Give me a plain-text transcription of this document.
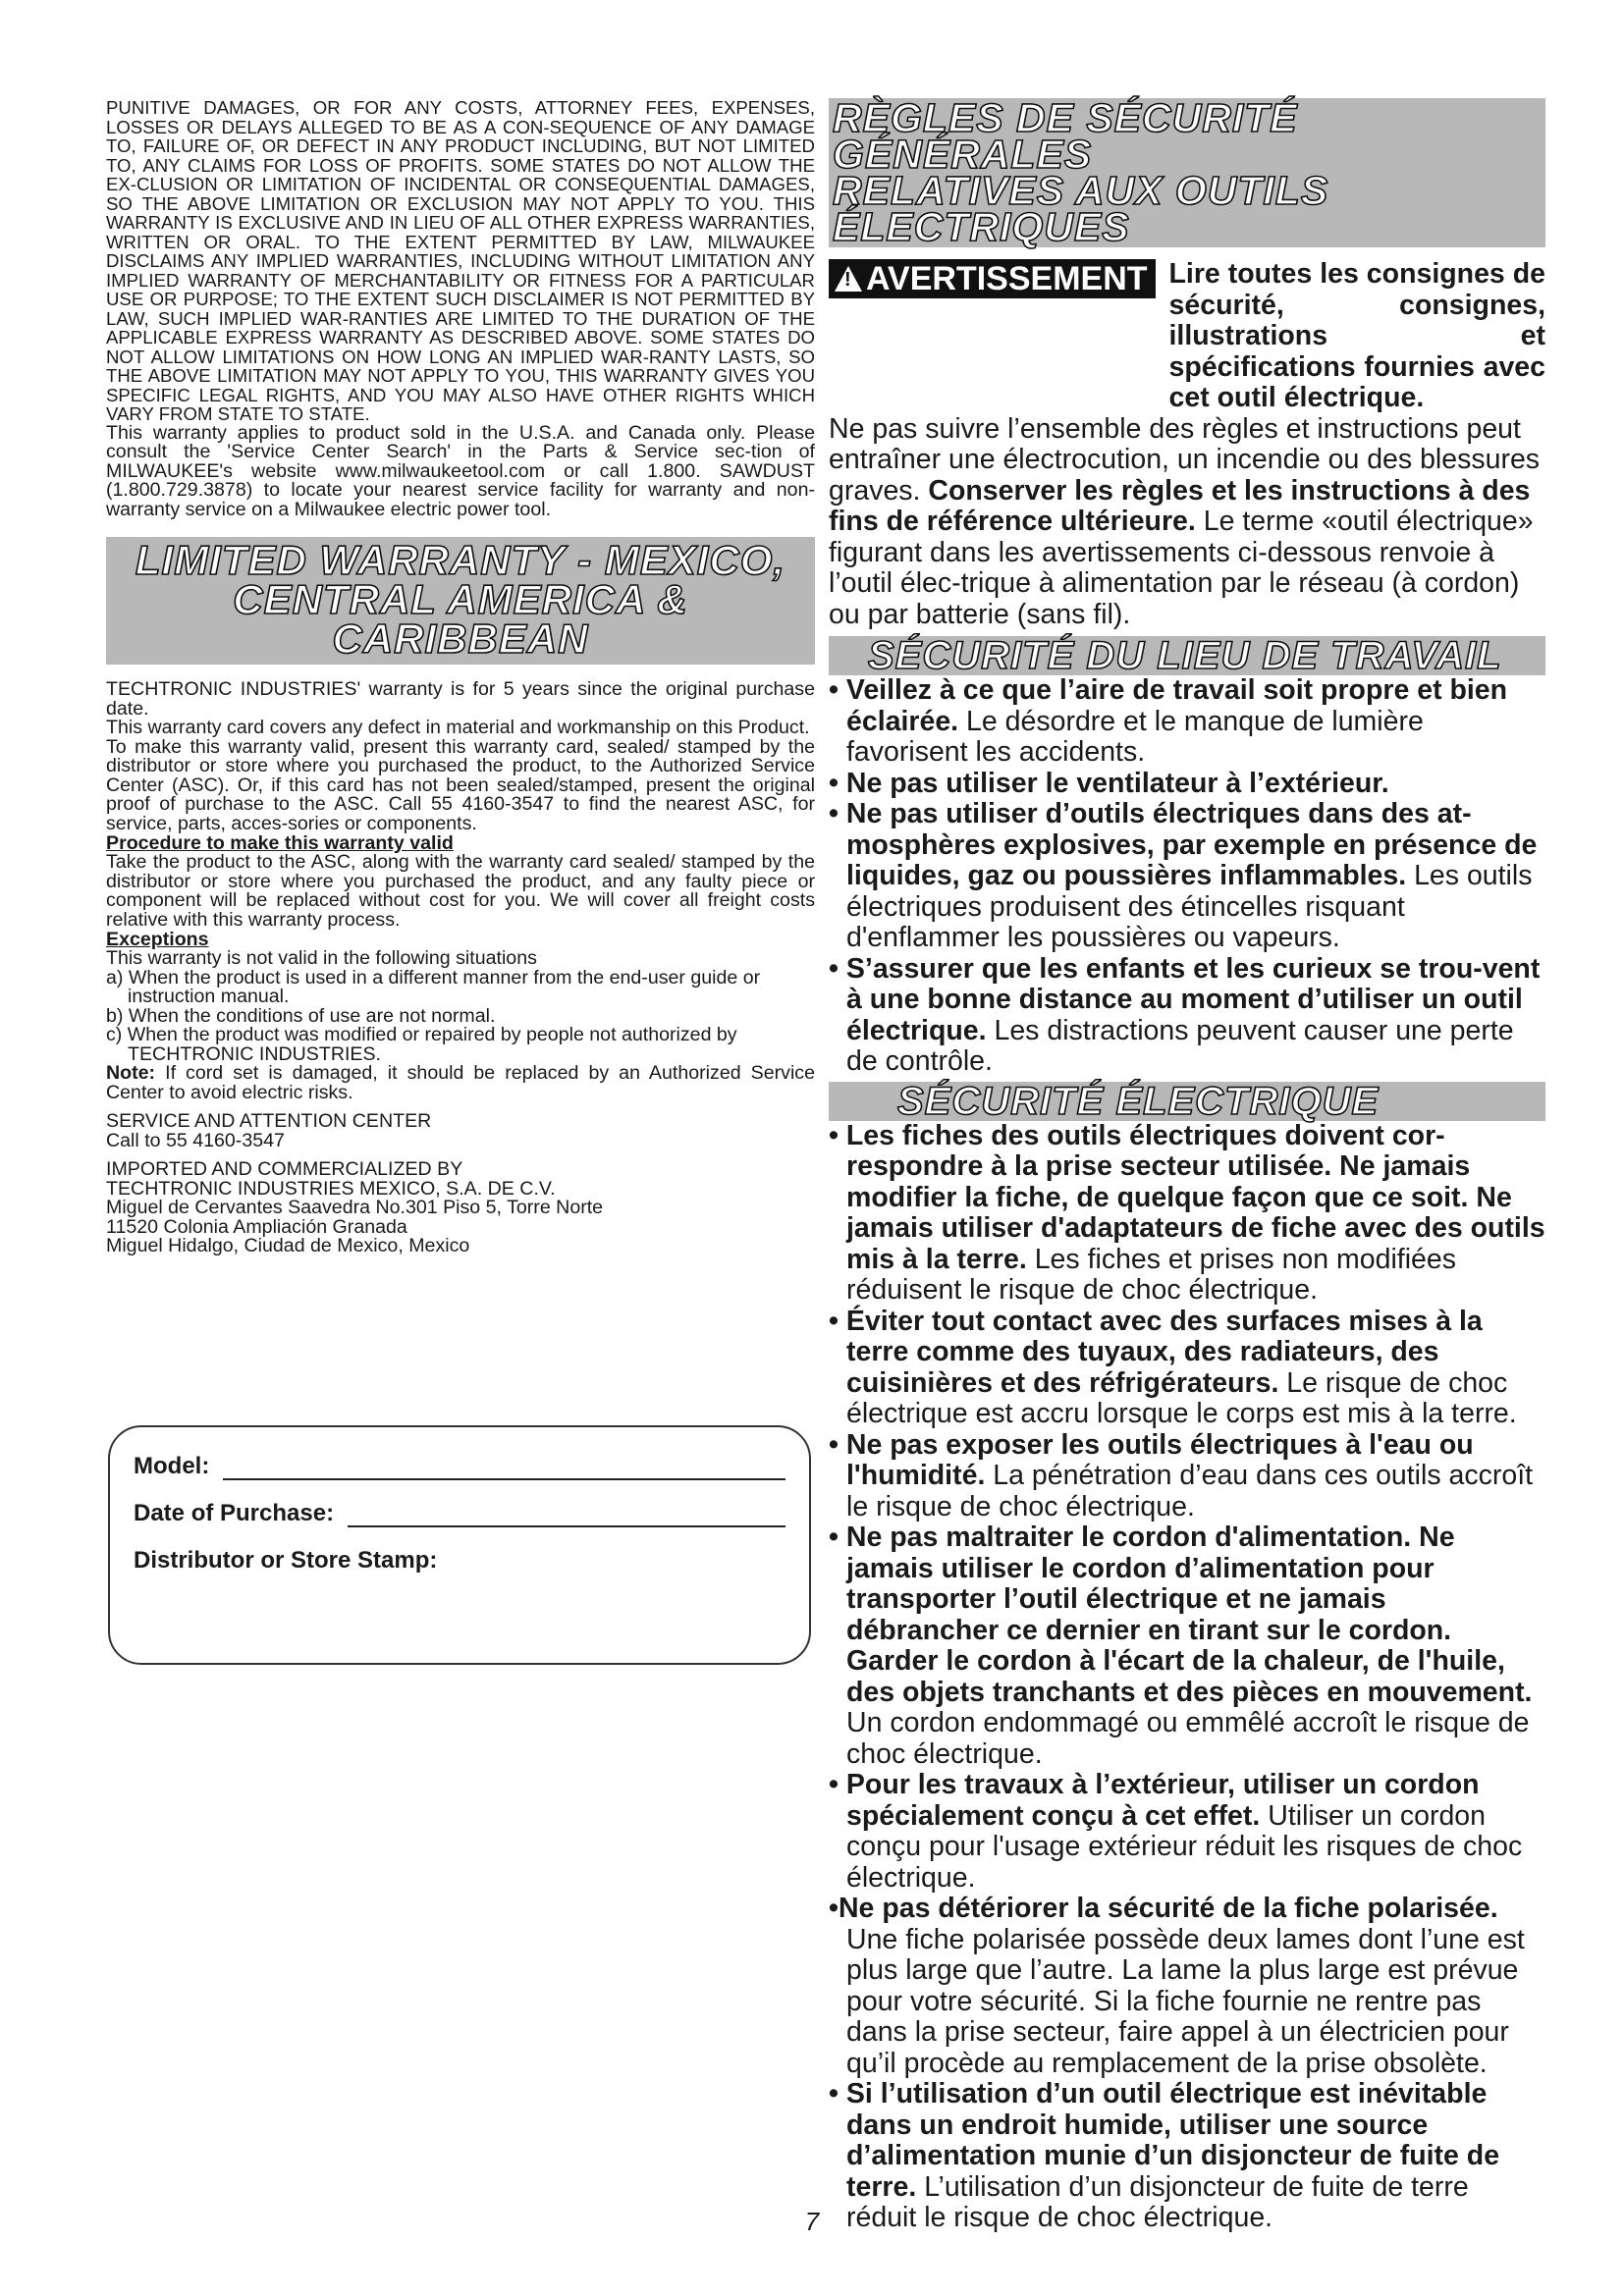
PUNITIVE DAMAGES, OR FOR ANY COSTS, ATTORNEY FEES, EXPENSES, LOSSES OR DELAYS ALLEGED TO BE AS A CON-SEQUENCE OF ANY DAMAGE TO, FAILURE OF, OR DEFECT IN ANY PRODUCT INCLUDING, BUT NOT LIMITED TO, ANY CLAIMS FOR LOSS OF PROFITS. SOME STATES DO NOT ALLOW THE EX-CLUSION OR LIMITATION OF INCIDENTAL OR CONSEQUENTIAL DAMAGES, SO THE ABOVE LIMITATION OR EXCLUSION MAY NOT APPLY TO YOU. THIS WARRANTY IS EXCLUSIVE AND IN LIEU OF ALL OTHER EXPRESS WARRANTIES, WRITTEN OR ORAL. TO THE EXTENT PERMITTED BY LAW, MILWAUKEE DISCLAIMS ANY IMPLIED WARRANTIES, INCLUDING WITHOUT LIMITATION ANY IMPLIED WARRANTY OF MERCHANTABILITY OR FITNESS FOR A PARTICULAR USE OR PURPOSE; TO THE EXTENT SUCH DISCLAIMER IS NOT PERMITTED BY LAW, SUCH IMPLIED WAR-RANTIES ARE LIMITED TO THE DURATION OF THE APPLICABLE EXPRESS WARRANTY AS DESCRIBED ABOVE. SOME STATES DO NOT ALLOW LIMITATIONS ON HOW LONG AN IMPLIED WAR-RANTY LASTS, SO THE ABOVE LIMITATION MAY NOT APPLY TO YOU, THIS WARRANTY GIVES YOU SPECIFIC LEGAL RIGHTS, AND YOU MAY ALSO HAVE OTHER RIGHTS WHICH VARY FROM STATE TO STATE.

This warranty applies to product sold in the U.S.A. and Canada only. Please consult the 'Service Center Search' in the Parts & Service sec-tion of MILWAUKEE's website www.milwaukeetool.com or call 1.800. SAWDUST (1.800.729.3878) to locate your nearest service facility for warranty and non-warranty service on a Milwaukee electric power tool.

LIMITED WARRANTY - MEXICO,
CENTRAL AMERICA & CARIBBEAN

TECHTRONIC INDUSTRIES' warranty is for 5 years since the original purchase date.

This warranty card covers any defect in material and workmanship on this Product.

To make this warranty valid, present this warranty card, sealed/ stamped by the distributor or store where you purchased the product, to the Authorized Service Center (ASC). Or, if this card has not been sealed/stamped, present the original proof of purchase to the ASC. Call 55 4160-3547 to find the nearest ASC, for service, parts, acces-sories or components.

Procedure to make this warranty valid

Take the product to the ASC, along with the warranty card sealed/ stamped by the distributor or store where you purchased the product, and any faulty piece or component will be replaced without cost for you. We will cover all freight costs relative with this warranty process.

Exceptions

This warranty is not valid in the following situations

a) When the product is used in a different manner from the end-user guide or instruction manual.

b) When the conditions of use are not normal.

c) When the product was modified or repaired by people not authorized by TECHTRONIC INDUSTRIES.

Note: If cord set is damaged, it should be replaced by an Authorized Service Center to avoid electric risks.

SERVICE AND ATTENTION CENTER

Call to 55 4160-3547

IMPORTED AND COMMERCIALIZED BY

TECHTRONIC INDUSTRIES MEXICO, S.A. DE C.V.

Miguel de Cervantes Saavedra No.301 Piso 5, Torre Norte

11520 Colonia Ampliación Granada

Miguel Hidalgo, Ciudad de Mexico, Mexico

Model:
Date of Purchase:
Distributor or Store Stamp:
RÈGLES DE SÉCURITÉ GÉNÉRALES
RELATIVES AUX OUTILS ÉLECTRIQUES
! AVERTISSEMENT Lire toutes les consignes de sécurité, consignes, illustrations et spécifications fournies avec cet outil électrique.

Ne pas suivre l’ensemble des règles et instructions peut entraîner une électrocution, un incendie ou des blessures graves. Conserver les règles et les instructions à des fins de référence ultérieure. Le terme «outil électrique» figurant dans les avertissements ci-dessous renvoie à l’outil élec-trique à alimentation par le réseau (à cordon) ou par batterie (sans fil).

SÉCURITÉ DU LIEU DE TRAVAIL

• Veillez à ce que l’aire de travail soit propre et bien éclairée. Le désordre et le manque de lumière favorisent les accidents.

• Ne pas utiliser le ventilateur à l’extérieur.

• Ne pas utiliser d’outils électriques dans des at-mosphères explosives, par exemple en présence de liquides, gaz ou poussières inflammables. Les outils électriques produisent des étincelles risquant d'enflammer les poussières ou vapeurs.

• S’assurer que les enfants et les curieux se trou-vent à une bonne distance au moment d’utiliser un outil électrique. Les distractions peuvent causer une perte de contrôle.

SÉCURITÉ ÉLECTRIQUE

• Les fiches des outils électriques doivent cor-respondre à la prise secteur utilisée. Ne jamais modifier la fiche, de quelque façon que ce soit. Ne jamais utiliser d'adaptateurs de fiche avec des outils mis à la terre. Les fiches et prises non modifiées réduisent le risque de choc électrique.

• Éviter tout contact avec des surfaces mises à la terre comme des tuyaux, des radiateurs, des cuisinières et des réfrigérateurs. Le risque de choc électrique est accru lorsque le corps est mis à la terre.

• Ne pas exposer les outils électriques à l'eau ou l'humidité. La pénétration d’eau dans ces outils accroît le risque de choc électrique.

• Ne pas maltraiter le cordon d'alimentation. Ne jamais utiliser le cordon d’alimentation pour transporter l’outil électrique et ne jamais débrancher ce dernier en tirant sur le cordon. Garder le cordon à l'écart de la chaleur, de l'huile, des objets tranchants et des pièces en mouvement. Un cordon endommagé ou emmêlé accroît le risque de choc électrique.

• Pour les travaux à l’extérieur, utiliser un cordon spécialement conçu à cet effet. Utiliser un cordon conçu pour l'usage extérieur réduit les risques de choc électrique.

•Ne pas détériorer la sécurité de la fiche polarisée. Une fiche polarisée possède deux lames dont l’une est plus large que l’autre. La lame la plus large est prévue pour votre sécurité. Si la fiche fournie ne rentre pas dans la prise secteur, faire appel à un électricien pour qu’il procède au remplacement de la prise obsolète.

• Si l’utilisation d’un outil électrique est inévitable dans un endroit humide, utiliser une source d’alimentation munie d’un disjoncteur de fuite de terre. L’utilisation d’un disjoncteur de fuite de terre réduit le risque de choc électrique.

7
